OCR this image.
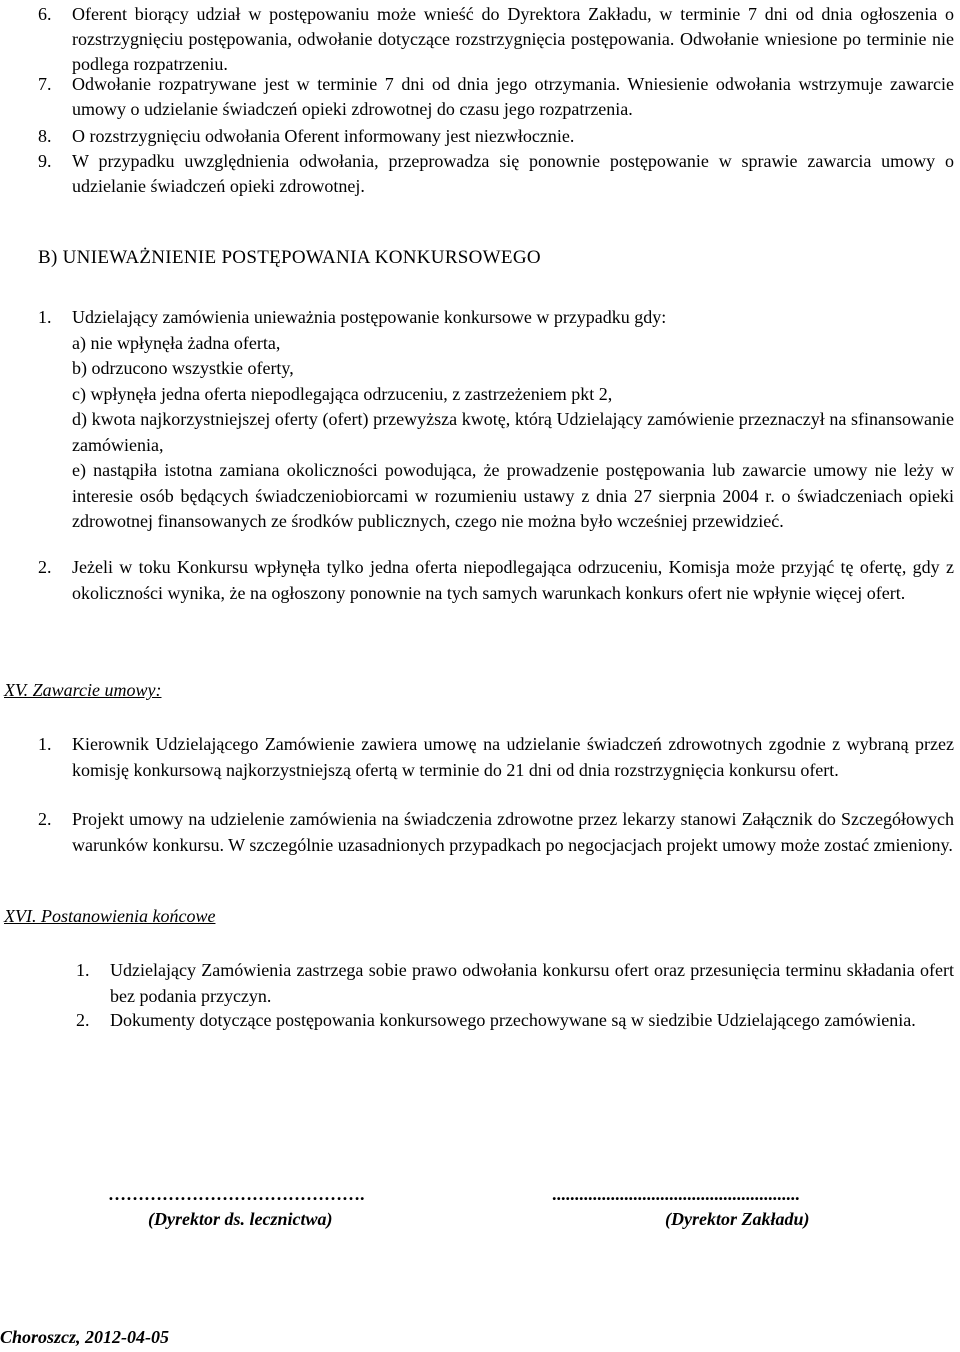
6. Oferent biorący udział w postępowaniu może wnieść do Dyrektora Zakładu, w terminie 7 dni od dnia ogłoszenia o rozstrzygnięciu postępowania, odwołanie dotyczące rozstrzygnięcia postępowania. Odwołanie wniesione po terminie nie podlega rozpatrzeniu.
7. Odwołanie rozpatrywane jest w terminie 7 dni od dnia jego otrzymania. Wniesienie odwołania wstrzymuje zawarcie umowy o udzielanie świadczeń opieki zdrowotnej do czasu jego rozpatrzenia.
8. O rozstrzygnięciu odwołania Oferent informowany jest niezwłocznie.
9. W przypadku uwzględnienia odwołania, przeprowadza się ponownie postępowanie w sprawie zawarcia umowy o udzielanie świadczeń opieki zdrowotnej.
B) UNIEWAŻNIENIE POSTĘPOWANIA KONKURSOWEGO
1. Udzielający zamówienia unieważnia postępowanie konkursowe w przypadku gdy:
a) nie wpłynęła żadna oferta,
b) odrzucono wszystkie oferty,
c) wpłynęła jedna oferta niepodlegająca odrzuceniu, z zastrzeżeniem pkt 2,
d) kwota najkorzystniejszej oferty (ofert) przewyższa kwotę, którą Udzielający zamówienie przeznaczył na sfinansowanie zamówienia,
e) nastąpiła istotna zamiana okoliczności powodująca, że prowadzenie postępowania lub zawarcie umowy nie leży w interesie osób będących świadczeniobiorcami w rozumieniu ustawy z dnia 27 sierpnia 2004 r. o świadczeniach opieki zdrowotnej finansowanych ze środków publicznych, czego nie można było wcześniej przewidzieć.
2. Jeżeli w toku Konkursu wpłynęła tylko jedna oferta niepodlegająca odrzuceniu, Komisja może przyjąć tę ofertę, gdy z okoliczności wynika, że na ogłoszony ponownie na tych samych warunkach konkurs ofert nie wpłynie więcej ofert.
XV. Zawarcie umowy:
1. Kierownik Udzielającego Zamówienie zawiera umowę na udzielanie świadczeń zdrowotnych zgodnie z wybraną przez komisję konkursową najkorzystniejszą ofertą w terminie do 21 dni od dnia rozstrzygnięcia konkursu ofert.
2. Projekt umowy na udzielenie zamówienia na świadczenia zdrowotne przez lekarzy stanowi Załącznik do Szczegółowych warunków konkursu. W szczególnie uzasadnionych przypadkach po negocjacjach projekt umowy może zostać zmieniony.
XVI. Postanowienia końcowe
1. Udzielający Zamówienia zastrzega sobie prawo odwołania konkursu ofert oraz przesunięcia terminu składania ofert bez podania przyczyn.
2. Dokumenty dotyczące postępowania konkursowego przechowywane są w siedzibie Udzielającego zamówienia.
…………………………………….
(Dyrektor ds. lecznictwa)
.......................................................
(Dyrektor Zakładu)
Choroszcz, 2012-04-05
